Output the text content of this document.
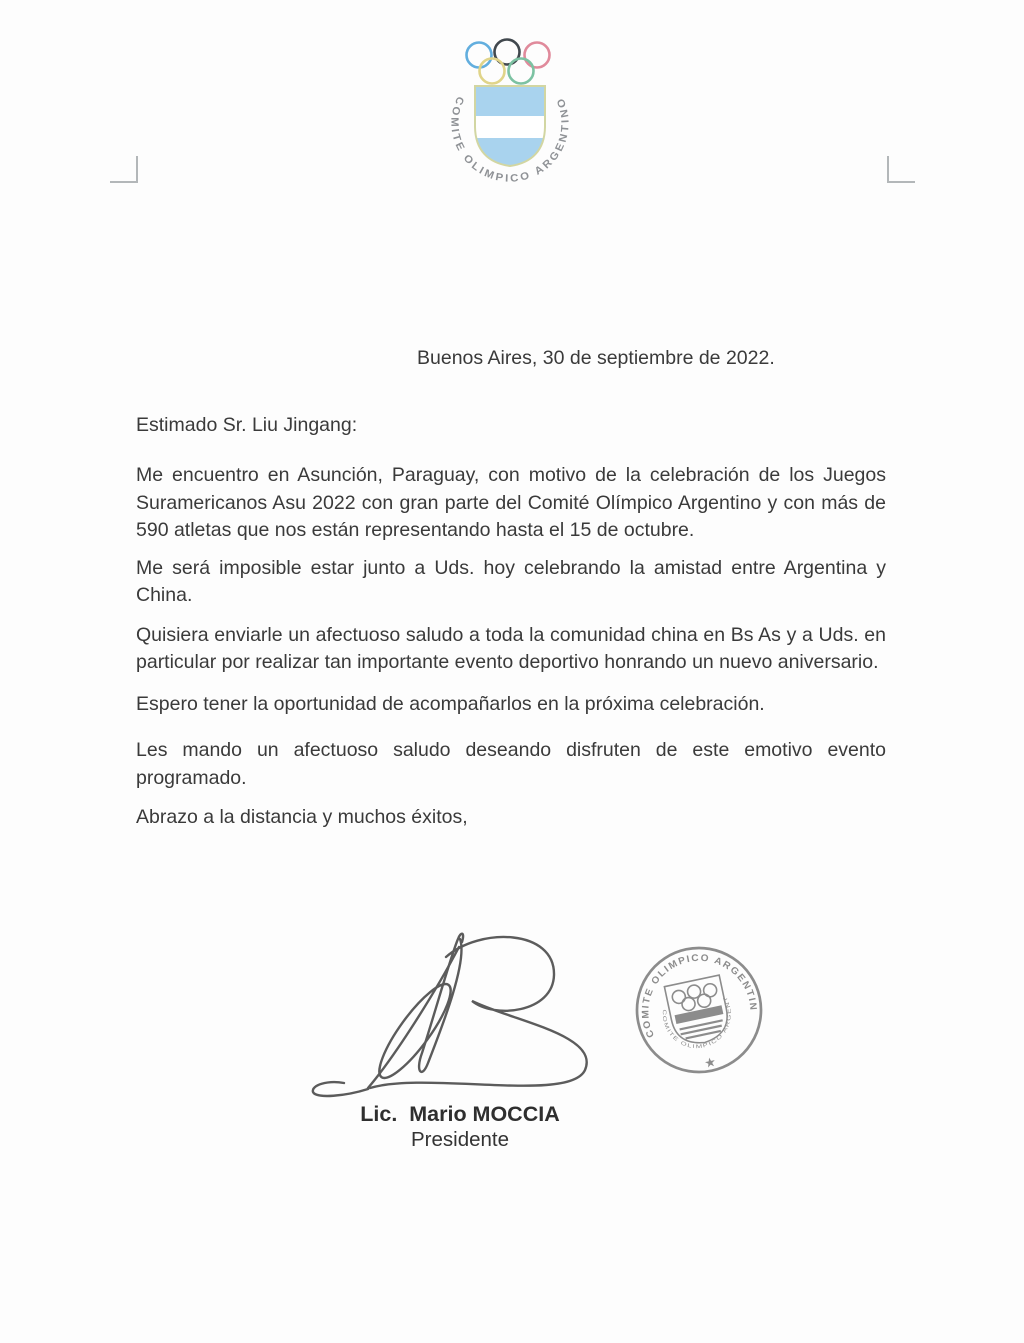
COMITE OLIMPICO ARGENTINO
Buenos Aires, 30 de septiembre de 2022.
Estimado Sr. Liu Jingang:

Me encuentro en Asunción, Paraguay, con motivo de la celebración de los Juegos Suramericanos Asu 2022 con gran parte del Comité Olímpico Argentino y con más de 590 atletas que nos están representando hasta el 15 de octubre.

Me será imposible estar junto a Uds. hoy celebrando la amistad entre Argentina y China.

Quisiera enviarle un afectuoso saludo a toda la comunidad china en Bs As y a Uds. en particular por realizar tan importante evento deportivo honrando un nuevo aniversario.

Espero tener la oportunidad de acompañarlos en la próxima celebración.

Les mando un afectuoso saludo deseando disfruten de este emotivo evento programado.

Abrazo a la distancia y muchos éxitos,

COMITE OLIMPICO ARGENTINO
COMITE OLIMPICO ARGENTINO
★
Lic.  Mario MOCCIA
Presidente
